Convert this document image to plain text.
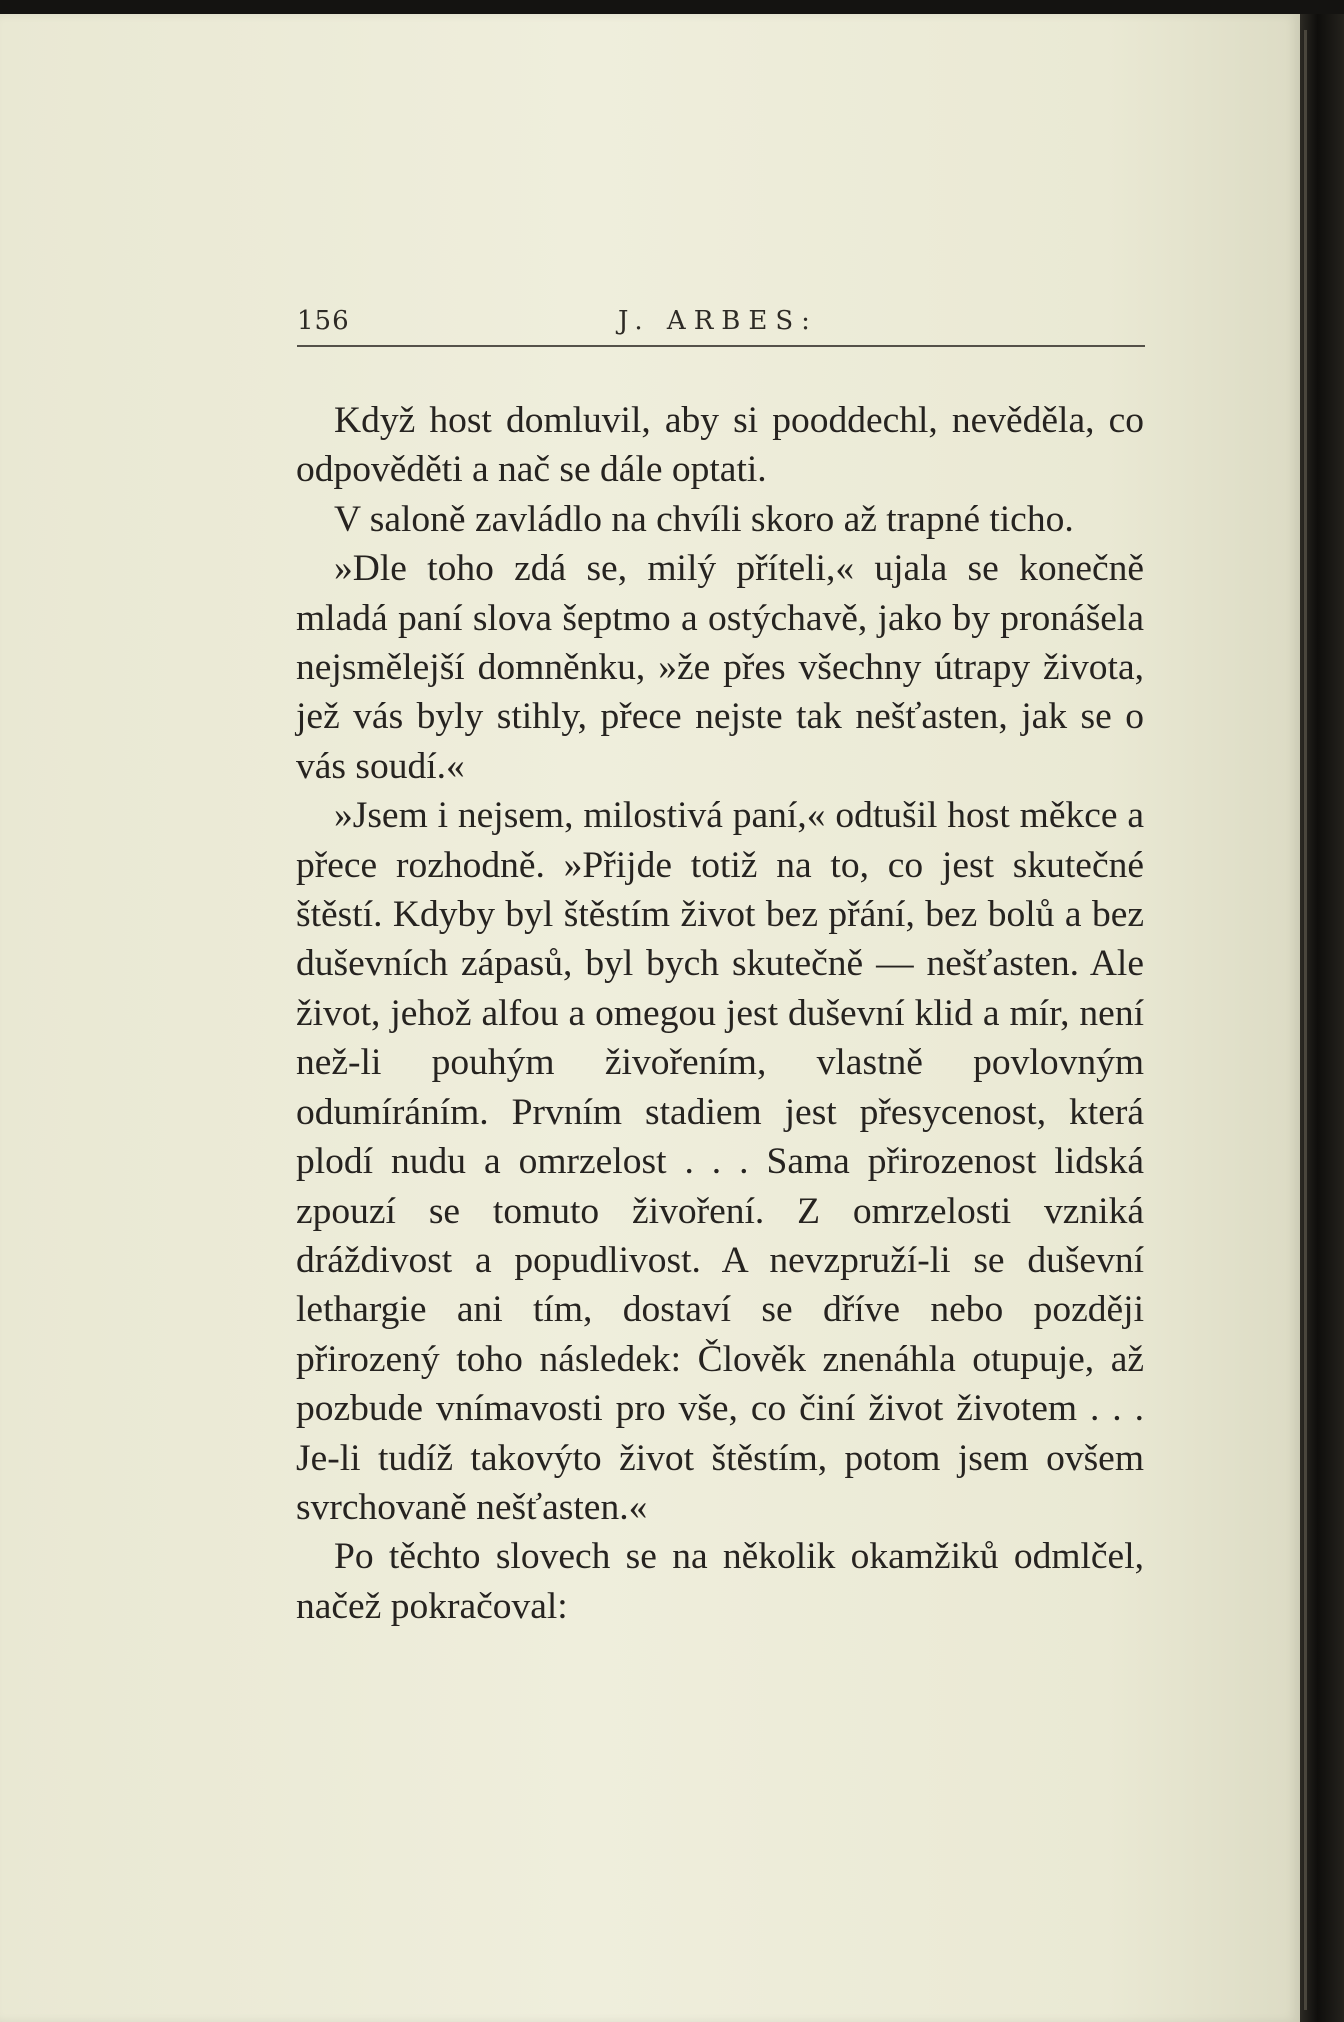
156	J. ARBES:

Když host domluvil, aby si pooddechl, nevěděla, co odpověděti a nač se dále optati.

V saloně zavládlo na chvíli skoro až trapné ticho.

»Dle toho zdá se, milý příteli,« ujala se konečně mladá paní slova šeptmo a ostýchavě, jako by pronášela nejsmělejší domněnku, »že přes všechny útrapy života, jež vás byly stihly, přece nejste tak nešťasten, jak se o vás soudí.«

»Jsem i nejsem, milostivá paní,« odtušil host měkce a přece rozhodně. »Přijde totiž na to, co jest skutečné štěstí. Kdyby byl štěstím život bez přání, bez bolů a bez duševních zápasů, byl bych skutečně — nešťasten. Ale život, jehož alfou a omegou jest duševní klid a mír, není než-li pouhým živořením, vlastně povlovným odumíráním. Prvním stadiem jest přesycenost, která plodí nudu a omrzelost . . . Sama přirozenost lidská zpouzí se tomuto živoření. Z omrzelosti vzniká dráždivost a popudlivost. A nevzpruží-li se duševní lethargie ani tím, dostaví se dříve nebo později přirozený toho následek: Člověk znenáhla otupuje, až pozbude vnímavosti pro vše, co činí život životem . . . Je-li tudíž takovýto život štěstím, potom jsem ovšem svrchovaně nešťasten.«

Po těchto slovech se na několik okamžiků odmlčel, načež pokračoval:
